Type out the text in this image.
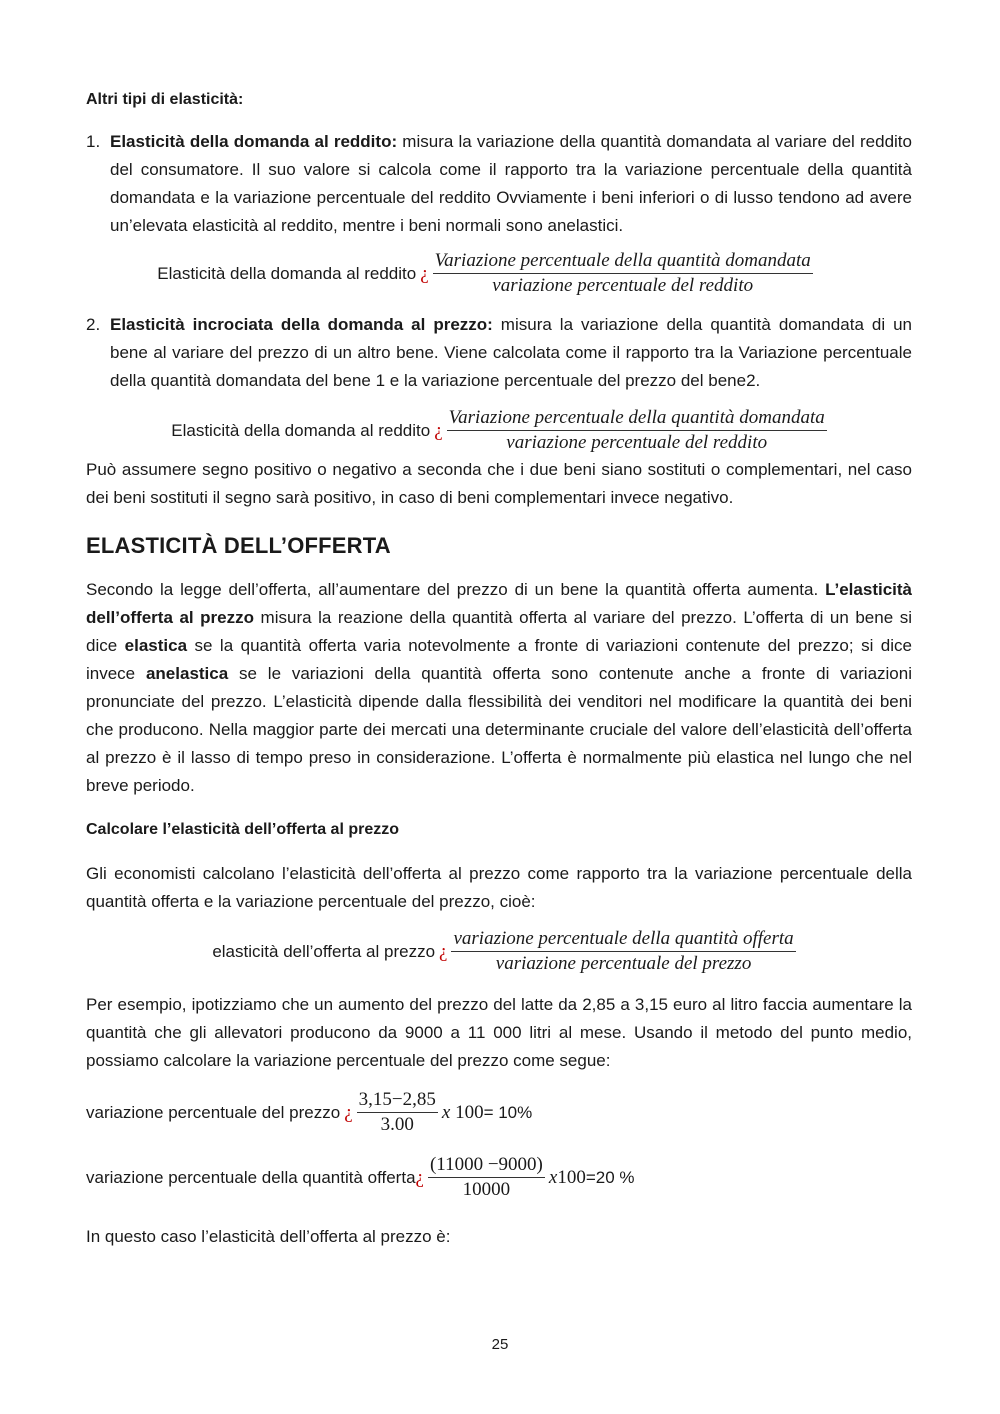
Altri tipi di elasticità:

1. Elasticità della domanda al reddito: misura la variazione della quantità domandata al variare del reddito del consumatore. Il suo valore si calcola come il rapporto tra la variazione percentuale della quantità domandata e la variazione percentuale del reddito Ovviamente i beni inferiori o di lusso tendono ad avere un’elevata elasticità al reddito, mentre i beni normali sono anelastici.
Elasticità della domanda al reddito ¿ $\frac{\text{Variazione percentuale della quantità domandata}}{\text{variazione percentuale del reddito}}$
2. Elasticità incrociata della domanda al prezzo: misura la variazione della quantità domandata di un bene al variare del prezzo di un altro bene. Viene calcolata come il rapporto tra la Variazione percentuale della quantità domandata del bene 1 e la variazione percentuale del prezzo del bene2.
Elasticità della domanda al reddito ¿ $\frac{\text{Variazione percentuale della quantità domandata}}{\text{variazione percentuale del reddito}}$

Può assumere segno positivo o negativo a seconda che i due beni siano sostituti o complementari, nel caso dei beni sostituti il segno sarà positivo, in caso di beni complementari invece negativo.

ELASTICITÀ DELL’OFFERTA

Secondo la legge dell’offerta, all’aumentare del prezzo di un bene la quantità offerta aumenta. L’elasticità dell’offerta al prezzo misura la reazione della quantità offerta al variare del prezzo. L’offerta di un bene si dice elastica se la quantità offerta varia notevolmente a fronte di variazioni contenute del prezzo; si dice invece anelastica se le variazioni della quantità offerta sono contenute anche a fronte di variazioni pronunciate del prezzo. L’elasticità dipende dalla flessibilità dei venditori nel modificare la quantità dei beni che producono. Nella maggior parte dei mercati una determinante cruciale del valore dell’elasticità dell’offerta al prezzo è il lasso di tempo preso in considerazione. L’offerta è normalmente più elastica nel lungo che nel breve periodo.

Calcolare l’elasticità dell’offerta al prezzo

Gli economisti calcolano l’elasticità dell’offerta al prezzo come rapporto tra la variazione percentuale della quantità offerta e la variazione percentuale del prezzo, cioè:

elasticità dell’offerta al prezzo ¿ $\frac{\text{variazione percentuale della quantità offerta}}{\text{variazione percentuale del prezzo}}$

Per esempio, ipotizziamo che un aumento del prezzo del latte da 2,85 a 3,15 euro al litro faccia aumentare la quantità che gli allevatori producono da 9000 a 11 000 litri al mese. Usando il metodo del punto medio, possiamo calcolare la variazione percentuale del prezzo come segue:

variazione percentuale del prezzo ¿ $\frac{3,15-2,85}{3.00}$ x 100 = 10%
variazione percentuale della quantità offerta ¿ $\frac{(11000 -9000)}{10000} x100 =20$ %

In questo caso l’elasticità dell’offerta al prezzo è:

25
